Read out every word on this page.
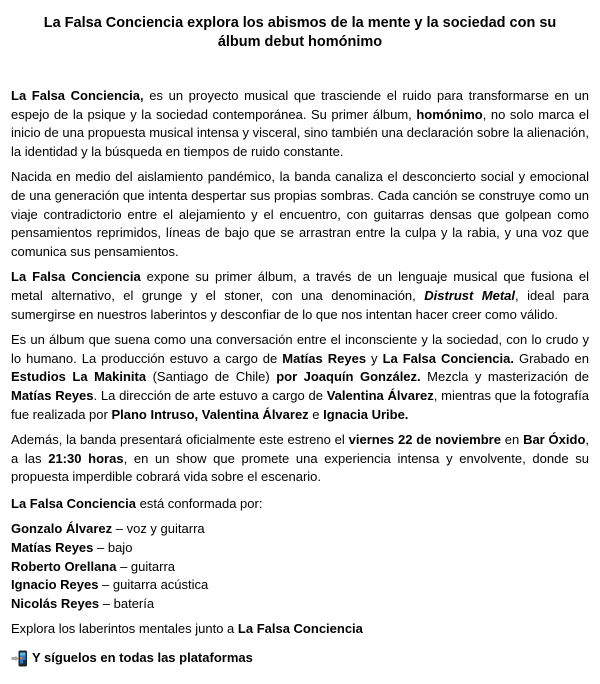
La Falsa Conciencia explora los abismos de la mente y la sociedad con su álbum debut homónimo

La Falsa Conciencia, es un proyecto musical que trasciende el ruido para transformarse en un espejo de la psique y la sociedad contemporánea. Su primer álbum, homónimo, no solo marca el inicio de una propuesta musical intensa y visceral, sino también una declaración sobre la alienación, la identidad y la búsqueda en tiempos de ruido constante.

Nacida en medio del aislamiento pandémico, la banda canaliza el desconcierto social y emocional de una generación que intenta despertar sus propias sombras. Cada canción se construye como un viaje contradictorio entre el alejamiento y el encuentro, con guitarras densas que golpean como pensamientos reprimidos, líneas de bajo que se arrastran entre la culpa y la rabia, y una voz que comunica sus pensamientos.

La Falsa Conciencia expone su primer álbum, a través de un lenguaje musical que fusiona el metal alternativo, el grunge y el stoner, con una denominación, Distrust Metal, ideal para sumergirse en nuestros laberintos y desconfiar de lo que nos intentan hacer creer como válido.

Es un álbum que suena como una conversación entre el inconsciente y la sociedad, con lo crudo y lo humano. La producción estuvo a cargo de Matías Reyes y La Falsa Conciencia. Grabado en Estudios La Makinita (Santiago de Chile) por Joaquín González. Mezcla y masterización de Matías Reyes. La dirección de arte estuvo a cargo de Valentina Álvarez, mientras que la fotografía fue realizada por Plano Intruso, Valentina Álvarez e Ignacia Uribe.

Además, la banda presentará oficialmente este estreno el viernes 22 de noviembre en Bar Óxido, a las 21:30 horas, en un show que promete una experiencia intensa y envolvente, donde su propuesta imperdible cobrará vida sobre el escenario.

La Falsa Conciencia está conformada por:

Gonzalo Álvarez – voz y guitarra
Matías Reyes – bajo
Roberto Orellana – guitarra
Ignacio Reyes – guitarra acústica
Nicolás Reyes – batería

Explora los laberintos mentales junto a La Falsa Conciencia

Y síguelos en todas las plataformas
